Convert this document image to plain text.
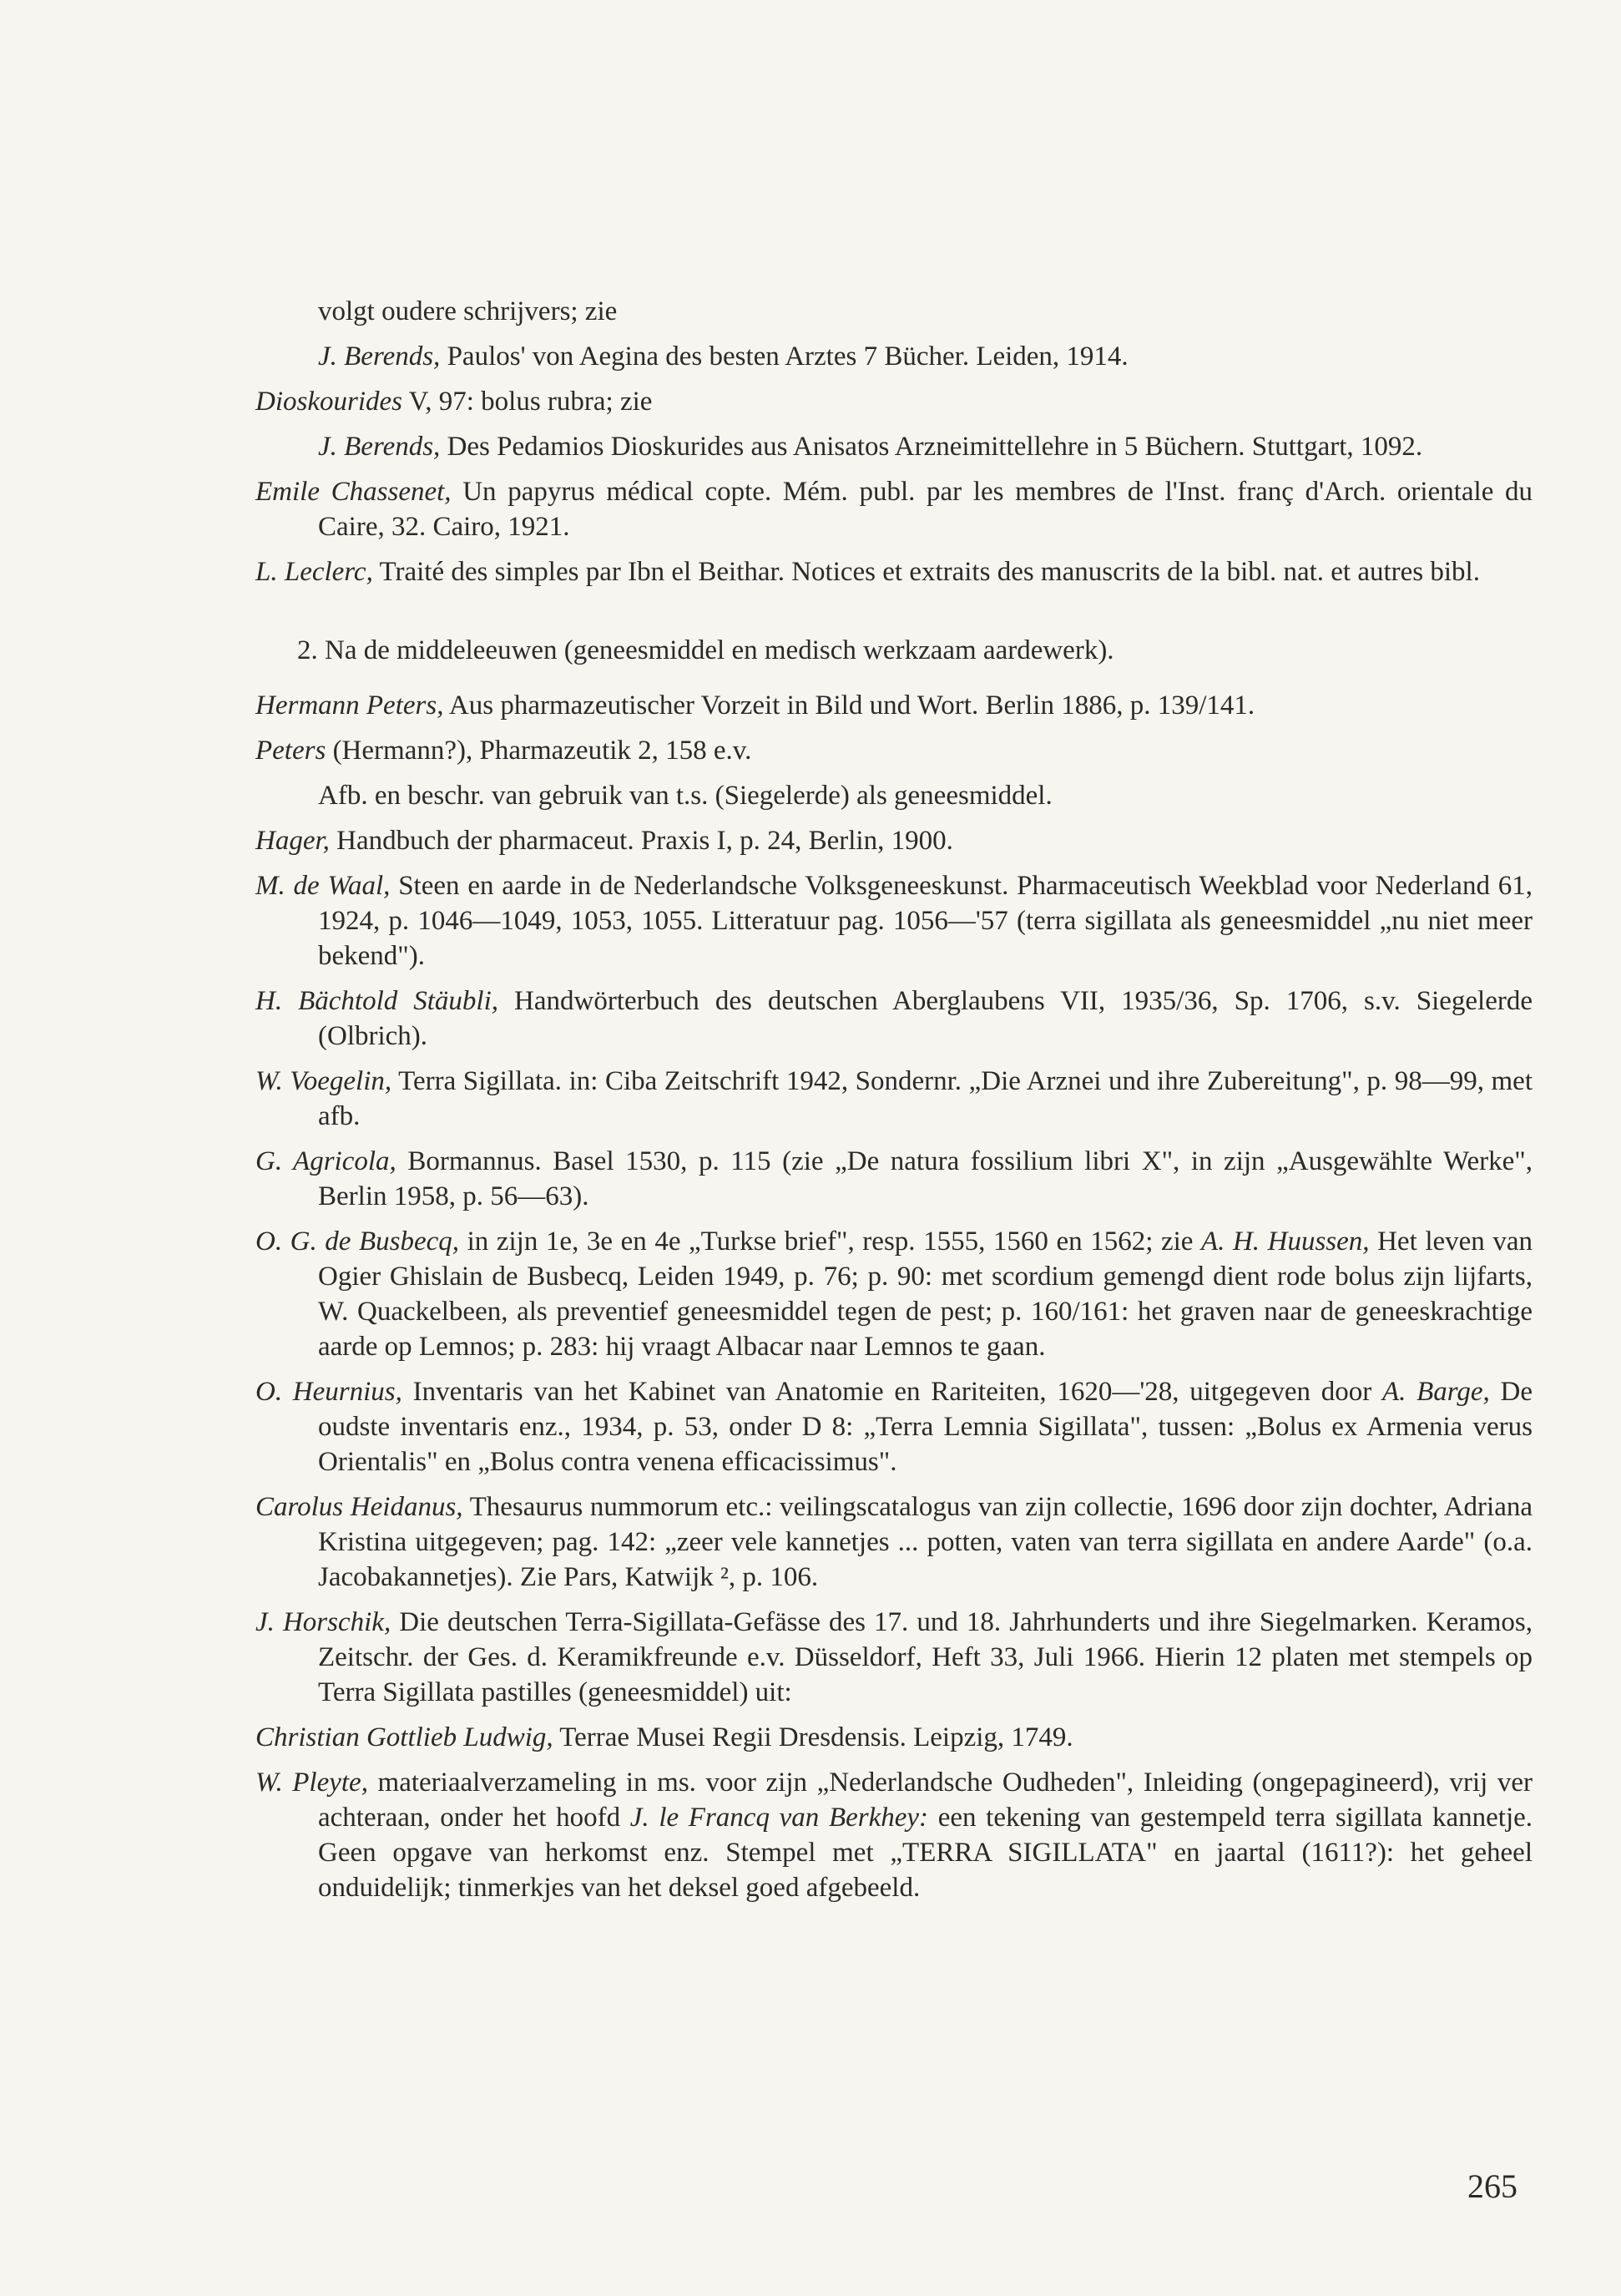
volgt oudere schrijvers; zie

J. Berends, Paulos' von Aegina des besten Arztes 7 Bücher. Leiden, 1914.

Dioskourides V, 97: bolus rubra; zie

J. Berends, Des Pedamios Dioskurides aus Anisatos Arzneimittellehre in 5 Büchern. Stuttgart, 1092.

Emile Chassenet, Un papyrus médical copte. Mém. publ. par les membres de l'Inst. franç d'Arch. orientale du Caire, 32. Cairo, 1921.

L. Leclerc, Traité des simples par Ibn el Beithar. Notices et extraits des manuscrits de la bibl. nat. et autres bibl.

2. Na de middeleeuwen (geneesmiddel en medisch werkzaam aardewerk).

Hermann Peters, Aus pharmazeutischer Vorzeit in Bild und Wort. Berlin 1886, p. 139/141.

Peters (Hermann?), Pharmazeutik 2, 158 e.v.

Afb. en beschr. van gebruik van t.s. (Siegelerde) als geneesmiddel.

Hager, Handbuch der pharmaceut. Praxis I, p. 24, Berlin, 1900.

M. de Waal, Steen en aarde in de Nederlandsche Volksgeneeskunst. Pharmaceutisch Weekblad voor Nederland 61, 1924, p. 1046—1049, 1053, 1055. Litteratuur pag. 1056—'57 (terra sigillata als geneesmiddel „nu niet meer bekend").

H. Bächtold Stäubli, Handwörterbuch des deutschen Aberglaubens VII, 1935/36, Sp. 1706, s.v. Siegelerde (Olbrich).

W. Voegelin, Terra Sigillata. in: Ciba Zeitschrift 1942, Sondernr. „Die Arznei und ihre Zubereitung", p. 98—99, met afb.

G. Agricola, Bormannus. Basel 1530, p. 115 (zie „De natura fossilium libri X", in zijn „Ausgewählte Werke", Berlin 1958, p. 56—63).

O. G. de Busbecq, in zijn 1e, 3e en 4e „Turkse brief", resp. 1555, 1560 en 1562; zie A. H. Huussen, Het leven van Ogier Ghislain de Busbecq, Leiden 1949, p. 76; p. 90: met scordium gemengd dient rode bolus zijn lijfarts, W. Quackelbeen, als preventief geneesmiddel tegen de pest; p. 160/161: het graven naar de geneeskrachtige aarde op Lemnos; p. 283: hij vraagt Albacar naar Lemnos te gaan.

O. Heurnius, Inventaris van het Kabinet van Anatomie en Rariteiten, 1620—'28, uitgegeven door A. Barge, De oudste inventaris enz., 1934, p. 53, onder D 8: „Terra Lemnia Sigillata", tussen: „Bolus ex Armenia verus Orientalis" en „Bolus contra venena efficacissimus".

Carolus Heidanus, Thesaurus nummorum etc.: veilingscatalogus van zijn collectie, 1696 door zijn dochter, Adriana Kristina uitgegeven; pag. 142: „zeer vele kannetjes ... potten, vaten van terra sigillata en andere Aarde" (o.a. Jacobakannetjes). Zie Pars, Katwijk ², p. 106.

J. Horschik, Die deutschen Terra-Sigillata-Gefässe des 17. und 18. Jahrhunderts und ihre Siegelmarken. Keramos, Zeitschr. der Ges. d. Keramikfreunde e.v. Düsseldorf, Heft 33, Juli 1966. Hierin 12 platen met stempels op Terra Sigillata pastilles (geneesmiddel) uit:

Christian Gottlieb Ludwig, Terrae Musei Regii Dresdensis. Leipzig, 1749.

W. Pleyte, materiaalverzameling in ms. voor zijn „Nederlandsche Oudheden", Inleiding (ongepagineerd), vrij ver achteraan, onder het hoofd J. le Francq van Berkhey: een tekening van gestempeld terra sigillata kannetje. Geen opgave van herkomst enz. Stempel met „TERRA SIGILLATA" en jaartal (1611?): het geheel onduidelijk; tinmerkjes van het deksel goed afgebeeld.

265
